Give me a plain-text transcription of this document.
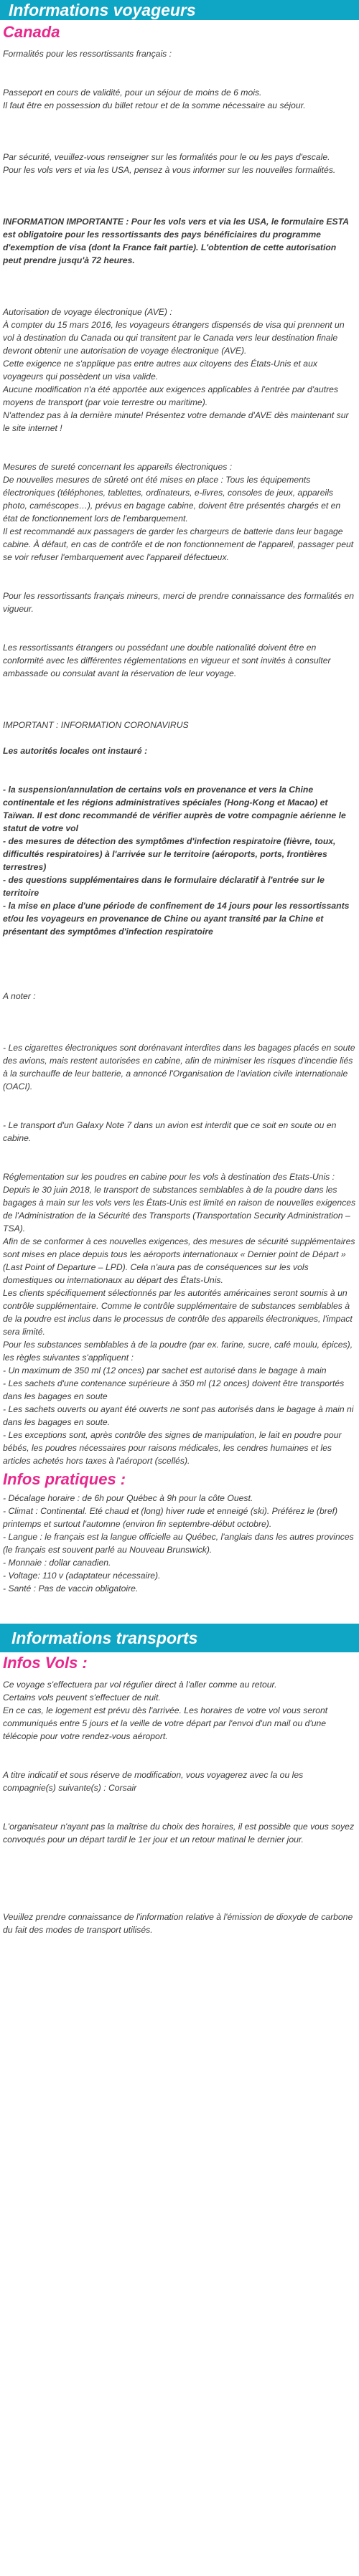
Informations voyageurs
Canada

Formalités pour les ressortissants français :

Passeport en cours de validité, pour un séjour de moins de 6 mois.

Il faut être en possession du billet retour et de la somme nécessaire au séjour.

Par sécurité, veuillez-vous renseigner sur les formalités pour le ou les pays d'escale.

Pour les vols vers et via les USA, pensez à vous informer sur les nouvelles formalités.

INFORMATION IMPORTANTE : Pour les vols vers et via les USA, le formulaire ESTA est obligatoire pour les ressortissants des pays bénéficiaires du programme d'exemption de visa (dont la France fait partie). L'obtention de cette autorisation peut prendre jusqu'à 72 heures.

Autorisation de voyage électronique (AVE) :

À compter du 15 mars 2016, les voyageurs étrangers dispensés de visa qui prennent un vol à destination du Canada ou qui transitent par le Canada vers leur destination finale devront obtenir une autorisation de voyage électronique (AVE).

Cette exigence ne s'applique pas entre autres aux citoyens des États-Unis et aux voyageurs qui possèdent un visa valide.

Aucune modification n'a été apportée aux exigences applicables à l'entrée par d'autres moyens de transport (par voie terrestre ou maritime).

N'attendez pas à la dernière minute! Présentez votre demande d'AVE dès maintenant sur le site internet !

Mesures de sureté concernant les appareils électroniques :

De nouvelles mesures de sûreté ont été mises en place : Tous les équipements électroniques (téléphones, tablettes, ordinateurs, e-livres, consoles de jeux, appareils photo, caméscopes…), prévus en bagage cabine, doivent être présentés chargés et en état de fonctionnement lors de l'embarquement.

Il est recommandé aux passagers de garder les chargeurs de batterie dans leur bagage cabine. À défaut, en cas de contrôle et de non fonctionnement de l'appareil, passager peut se voir refuser l'embarquement avec l'appareil défectueux.

Pour les ressortissants français mineurs, merci de prendre connaissance des formalités en vigueur.

Les ressortissants étrangers ou possédant une double nationalité doivent être en conformité avec les différentes réglementations en vigueur et sont invités à consulter ambassade ou consulat avant la réservation de leur voyage.

IMPORTANT : INFORMATION CORONAVIRUS

Les autorités locales ont instauré :

- la suspension/annulation de certains vols en provenance et vers la Chine continentale et les régions administratives spéciales (Hong-Kong et Macao) et Taïwan. Il est donc recommandé de vérifier auprès de votre compagnie aérienne le statut de votre vol

- des mesures de détection des symptômes d'infection respiratoire (fièvre, toux, difficultés respiratoires) à l'arrivée sur le territoire (aéroports, ports, frontières terrestres)

- des questions supplémentaires dans le formulaire déclaratif à l'entrée sur le territoire

- la mise en place d'une période de confinement de 14 jours pour les ressortissants et/ou les voyageurs en provenance de Chine ou ayant transité par la Chine et présentant des symptômes d'infection respiratoire

A noter :

- Les cigarettes électroniques sont dorénavant interdites dans les bagages placés en soute des avions, mais restent autorisées en cabine, afin de minimiser les risques d'incendie liés à la surchauffe de leur batterie, a annoncé l'Organisation de l'aviation civile internationale (OACI).

- Le transport d'un Galaxy Note 7 dans un avion est interdit que ce soit en soute ou en cabine.

Réglementation sur les poudres en cabine pour les vols à destination des Etats-Unis :

Depuis le 30 juin 2018, le transport de substances semblables à de la poudre dans les bagages à main sur les vols vers les États-Unis est limité en raison de nouvelles exigences de l'Administration de la Sécurité des Transports (Transportation Security Administration – TSA).

Afin de se conformer à ces nouvelles exigences, des mesures de sécurité supplémentaires sont mises en place depuis tous les aéroports internationaux « Dernier point de Départ » (Last Point of Departure – LPD). Cela n'aura pas de conséquences sur les vols domestiques ou internationaux au départ des États-Unis.

Les clients spécifiquement sélectionnés par les autorités américaines seront soumis à un contrôle supplémentaire. Comme le contrôle supplémentaire de substances semblables à de la poudre est inclus dans le processus de contrôle des appareils électroniques, l'impact sera limité.

Pour les substances semblables à de la poudre (par ex. farine, sucre, café moulu, épices), les règles suivantes s'appliquent :

- Un maximum de 350 ml (12 onces) par sachet est autorisé dans le bagage à main

- Les sachets d'une contenance supérieure à 350 ml (12 onces) doivent être transportés dans les bagages en soute

- Les sachets ouverts ou ayant été ouverts ne sont pas autorisés dans le bagage à main ni dans les bagages en soute.

- Les exceptions sont, après contrôle des signes de manipulation, le lait en poudre pour bébés, les poudres nécessaires pour raisons médicales, les cendres humaines et les articles achetés hors taxes à l'aéroport (scellés).

Infos pratiques :
- Décalage horaire : de 6h pour Québec à 9h pour la côte Ouest.
- Climat : Continental. Eté chaud et (long) hiver rude et enneigé (ski). Préférez le (bref) printemps et surtout l'automne (environ fin septembre-début octobre).
- Langue : le français est la langue officielle au Québec, l'anglais dans les autres provinces (le français est souvent parlé au Nouveau Brunswick).
- Monnaie : dollar canadien.
- Voltage: 110 v (adaptateur nécessaire).
- Santé : Pas de vaccin obligatoire.
Informations transports
Infos Vols :

Ce voyage s'effectuera par vol régulier direct à l'aller comme au retour.

Certains vols peuvent s'effectuer de nuit.

En ce cas, le logement est prévu dès l'arrivée. Les horaires de votre vol vous seront communiqués entre 5 jours et la veille de votre départ par l'envoi d'un mail ou d'une télécopie pour votre rendez-vous aéroport.

A titre indicatif et sous réserve de modification, vous voyagerez avec la ou les compagnie(s) suivante(s) : Corsair

L'organisateur n'ayant pas la maîtrise du choix des horaires, il est possible que vous soyez convoqués pour un départ tardif le 1er jour et un retour matinal le dernier jour.

Veuillez prendre connaissance de l'information relative à l'émission de dioxyde de carbone du fait des modes de transport utilisés.
